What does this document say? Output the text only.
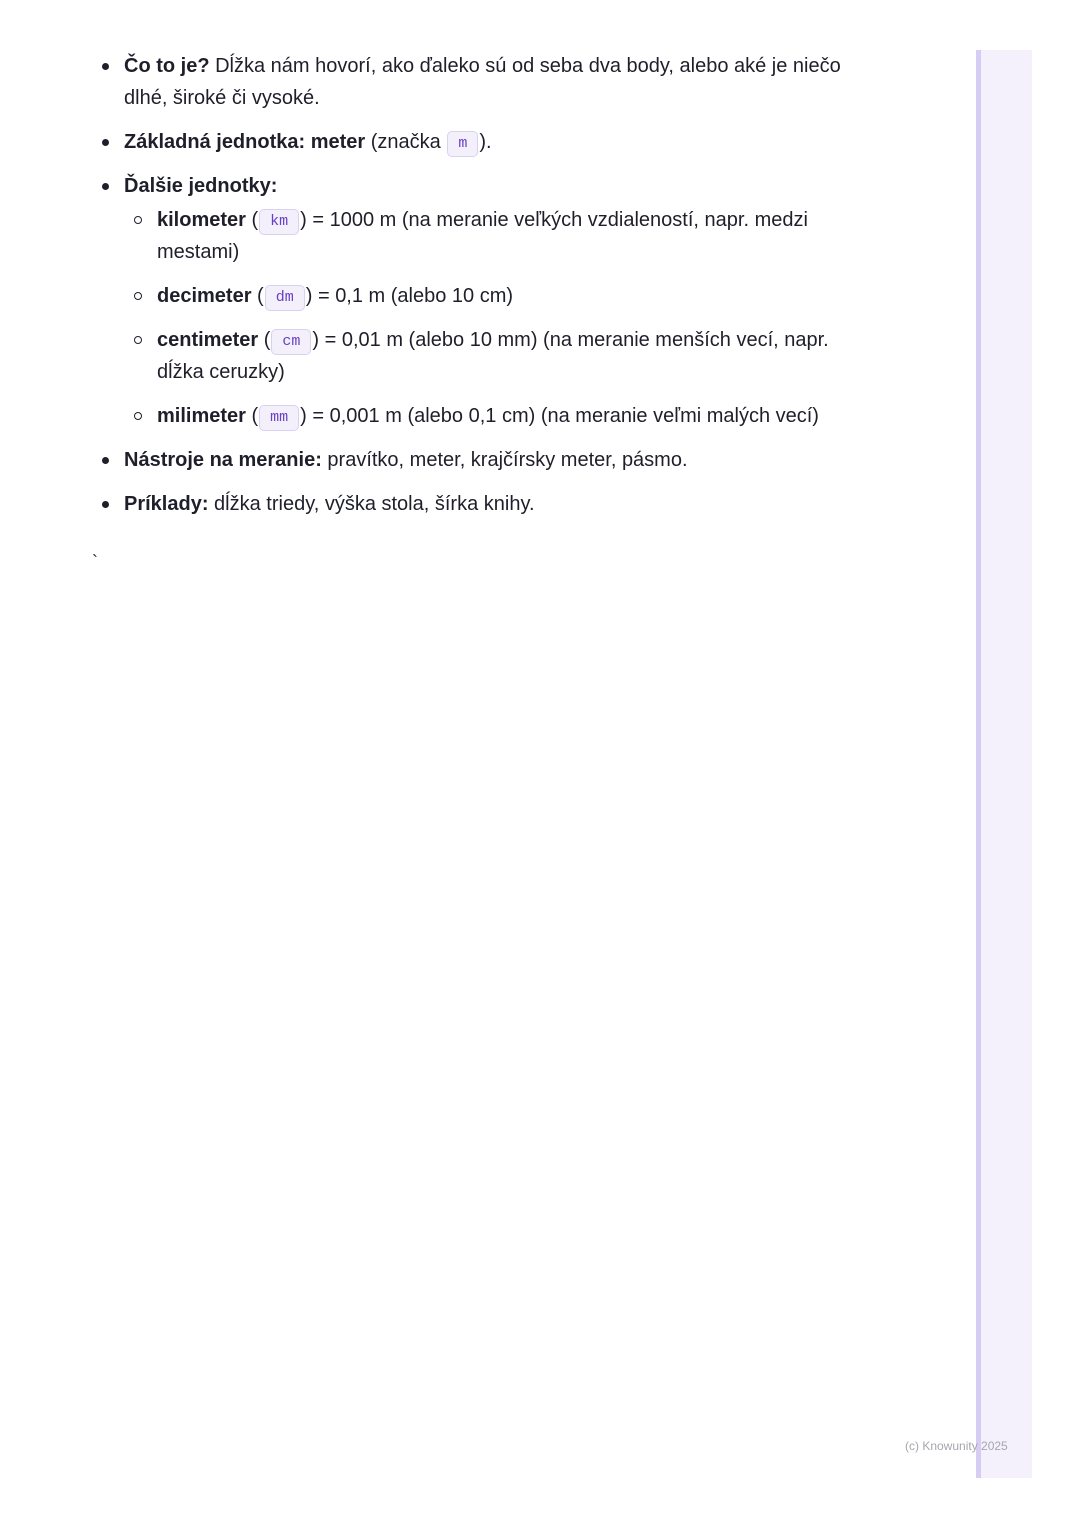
Čo to je? Dĺžka nám hovorí, ako ďaleko sú od seba dva body, alebo aké je niečo dlhé, široké či vysoké.
Základná jednotka: meter (značka m ).
Ďalšie jednotky:
kilometer ( km ) = 1000 m (na meranie veľkých vzdialeností, napr. medzi mestami)
decimeter ( dm ) = 0,1 m (alebo 10 cm)
centimeter ( cm ) = 0,01 m (alebo 10 mm) (na meranie menších vecí, napr. dĺžka ceruzky)
milimeter ( mm ) = 0,001 m (alebo 0,1 cm) (na meranie veľmi malých vecí)
Nástroje na meranie: pravítko, meter, krajčírsky meter, pásmo.
Príklady: dĺžka triedy, výška stola, šírka knihy.
`
(c) Knowunity 2025
